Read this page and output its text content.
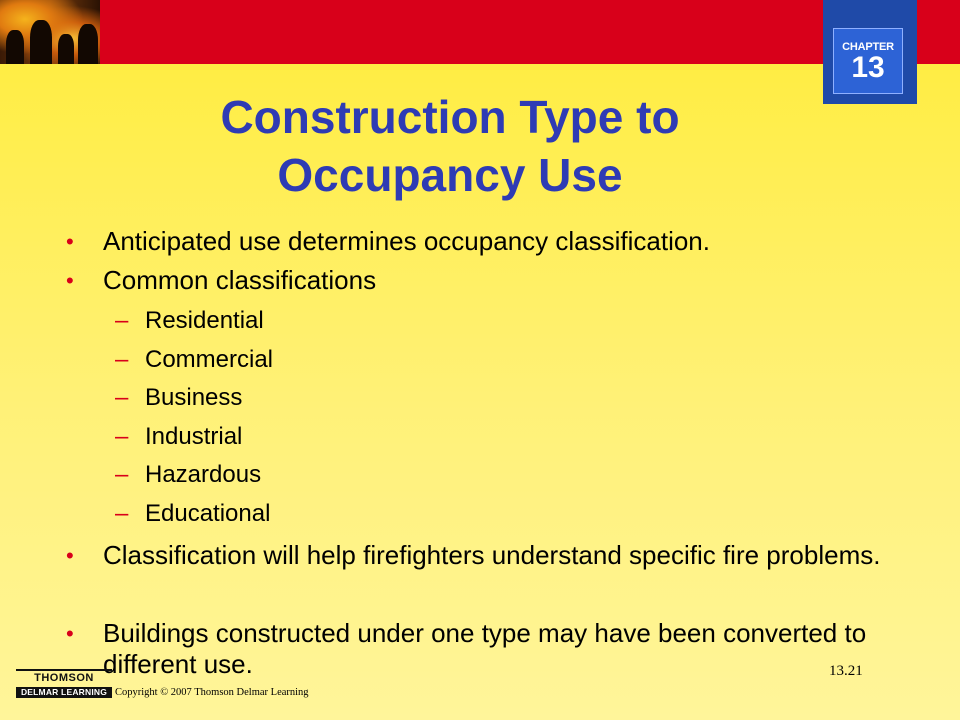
CHAPTER
13
Construction Type to Occupancy Use
• Anticipated use determines occupancy classification.
• Common classifications
– Residential
– Commercial
– Business
– Industrial
– Hazardous
– Educational
• Classification will help firefighters understand specific fire problems.
• Buildings constructed under one type may have been converted to different use.
THOMSON
DELMAR LEARNING Copyright © 2007 Thomson Delmar Learning
13.21
